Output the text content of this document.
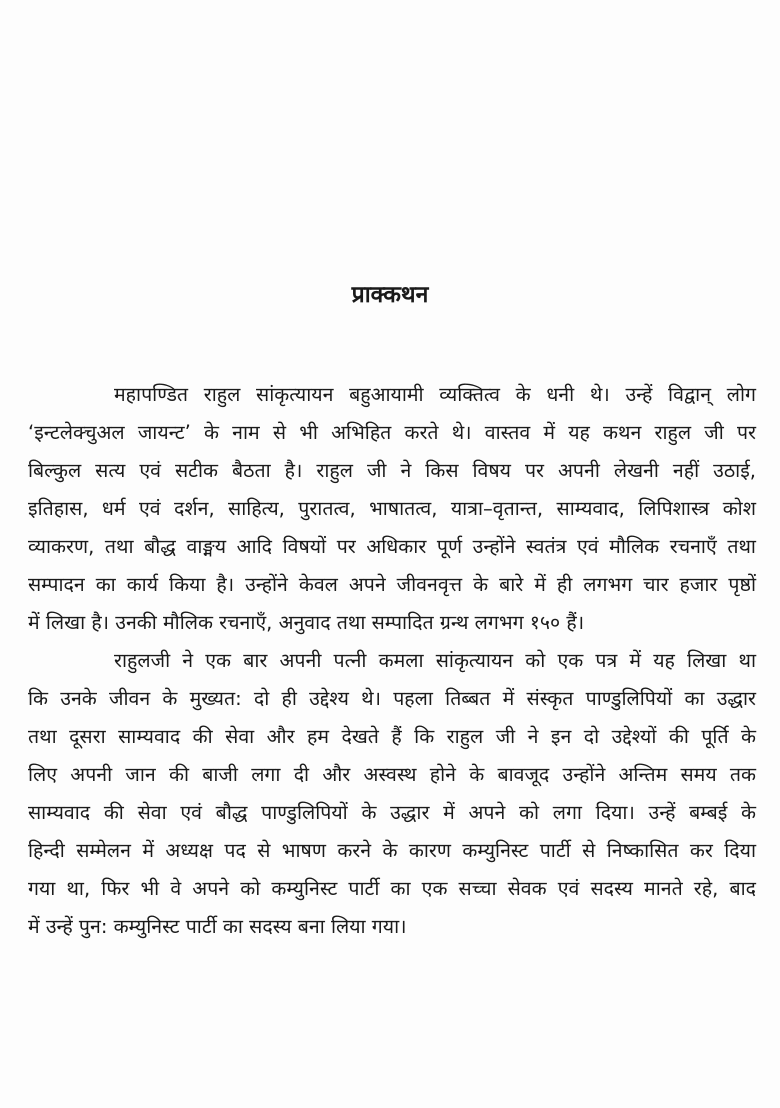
प्राक्कथन
महापण्डित राहुल सांकृत्यायन बहुआयामी व्यक्तित्व के धनी थे। उन्हें विद्वान् लोग
‘इन्टलेक्चुअल जायन्ट’ के नाम से भी अभिहित करते थे। वास्तव में यह कथन राहुल जी पर
बिल्कुल सत्य एवं सटीक बैठता है। राहुल जी ने किस विषय पर अपनी लेखनी नहीं उठाई,
इतिहास, धर्म एवं दर्शन, साहित्य, पुरातत्व, भाषातत्व, यात्रा–वृतान्त, साम्यवाद, लिपिशास्त्र कोश
व्याकरण, तथा बौद्ध वाङ्मय आदि विषयों पर अधिकार पूर्ण उन्होंने स्वतंत्र एवं मौलिक रचनाएँ तथा
सम्पादन का कार्य किया है। उन्होंने केवल अपने जीवनवृत्त के बारे में ही लगभग चार हजार पृष्ठों
में लिखा है। उनकी मौलिक रचनाएँ, अनुवाद तथा सम्पादित ग्रन्थ लगभग १५० हैं।
राहुलजी ने एक बार अपनी पत्नी कमला सांकृत्यायन को एक पत्र में यह लिखा था
कि उनके जीवन के मुख्यत: दो ही उद्देश्य थे। पहला तिब्बत में संस्कृत पाण्डुलिपियों का उद्धार
तथा दूसरा साम्यवाद की सेवा और हम देखते हैं कि राहुल जी ने इन दो उद्देश्यों की पूर्ति के
लिए अपनी जान की बाजी लगा दी और अस्वस्थ होने के बावजूद उन्होंने अन्तिम समय तक
साम्यवाद की सेवा एवं बौद्ध पाण्डुलिपियों के उद्धार में अपने को लगा दिया। उन्हें बम्बई के
हिन्दी सम्मेलन में अध्यक्ष पद से भाषण करने के कारण कम्युनिस्ट पार्टी से निष्कासित कर दिया
गया था, फिर भी वे अपने को कम्युनिस्ट पार्टी का एक सच्चा सेवक एवं सदस्य मानते रहे, बाद
में उन्हें पुन: कम्युनिस्ट पार्टी का सदस्य बना लिया गया।
